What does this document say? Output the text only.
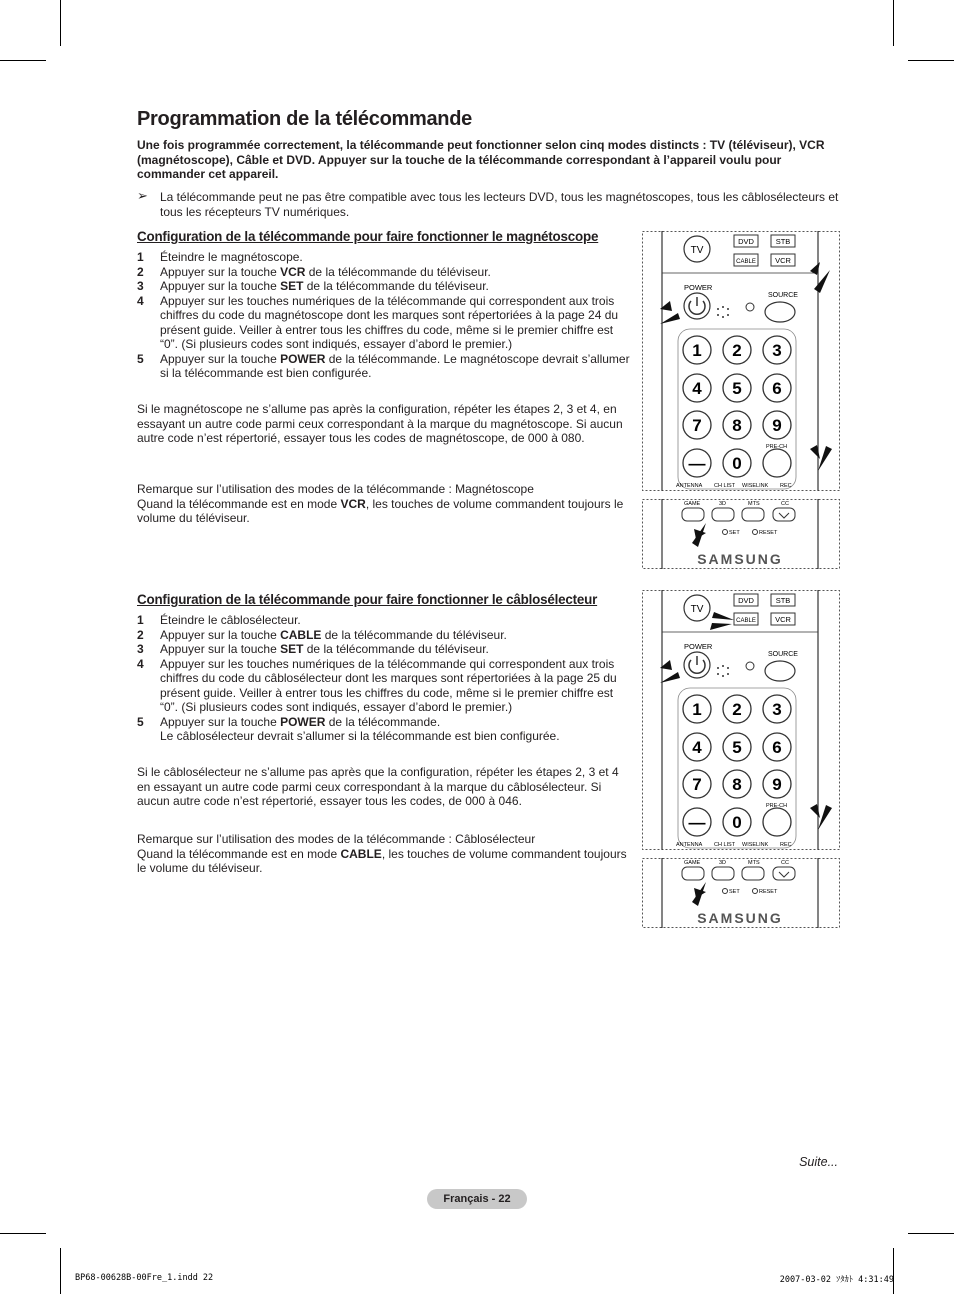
Programmation de la télécommande
Une fois programmée correctement, la télécommande peut fonctionner selon cinq modes distincts : TV (téléviseur), VCR (magnétoscope), Câble et DVD. Appuyer sur la touche de la télécommande correspondant à l’appareil voulu pour commander cet appareil.
➢ La télécommande peut ne pas être compatible avec tous les lecteurs DVD, tous les magnétoscopes, tous les câblosélecteurs et tous les récepteurs TV numériques.
Configuration de la télécommande pour faire fonctionner le magnétoscope
1 Éteindre le magnétoscope.
2 Appuyer sur la touche VCR de la télécommande du téléviseur.
3 Appuyer sur la touche SET de la télécommande du téléviseur.
4 Appuyer sur les touches numériques de la télécommande qui correspondent aux trois chiffres du code du magnétoscope dont les marques sont répertoriées à la page 24 du présent guide. Veiller à entrer tous les chiffres du code, même si le premier chiffre est “0”. (Si plusieurs codes sont indiqués, essayer d’abord le premier.)
5 Appuyer sur la touche POWER de la télécommande. Le magnétoscope devrait s’allumer si la télécommande est bien configurée.

Si le magnétoscope ne s’allume pas après la configuration, répéter les étapes 2, 3 et 4, en essayant un autre code parmi ceux correspondant à la marque du magnétoscope. Si aucun autre code n’est répertorié, essayer tous les codes de magnétoscope, de 000 à 080.

Remarque sur l’utilisation des modes de la télécommande : Magnétoscope
Quand la télécommande est en mode VCR, les touches de volume commandent toujours le volume du téléviseur.

Configuration de la télécommande pour faire fonctionner le câblosélecteur
1 Éteindre le câblosélecteur.
2 Appuyer sur la touche CABLE de la télécommande du téléviseur.
3 Appuyer sur la touche SET de la télécommande du téléviseur.
4 Appuyer sur les touches numériques de la télécommande qui correspondent aux trois chiffres du code du câblosélecteur dont les marques sont répertoriées à la page 25 du présent guide. Veiller à entrer tous les chiffres du code, même si le premier chiffre est “0”. (Si plusieurs codes sont indiqués, essayer d’abord le premier.)
5 Appuyer sur la touche POWER de la télécommande.
Le câblosélecteur devrait s’allumer si la télécommande est bien configurée.

Si le câblosélecteur ne s’allume pas après que la configuration, répéter les étapes 2, 3 et 4 en essayant un autre code parmi ceux correspondant à la marque du câblosélecteur. Si aucun autre code n’est répertorié, essayer tous les codes, de 000 à 046.

Remarque sur l’utilisation des modes de la télécommande : Câblosélecteur
Quand la télécommande est en mode CABLE, les touches de volume commandent toujours le volume du téléviseur.

TV
DVD	STB
CABLE	VCR
POWER
SOURCE
1 2 3
4 5 6
7 8 9
— 0
PRE-CH
ANTENNA CH LIST WISELINK REC
GAME	3D	MTS	CC
SET	RESET
SAMSUNG
TV
DVD	STB
CABLE	VCR
POWER
SOURCE
1 2 3
4 5 6
7 8 9
— 0
PRE-CH
ANTENNA CH LIST WISELINK REC
GAME	3D	MTS	CC
SET	RESET
SAMSUNG
Suite...
Français - 22
BP68-00628B-00Fre_1.indd 22	2007-03-02 ｿﾀｶﾄ 4:31:49
